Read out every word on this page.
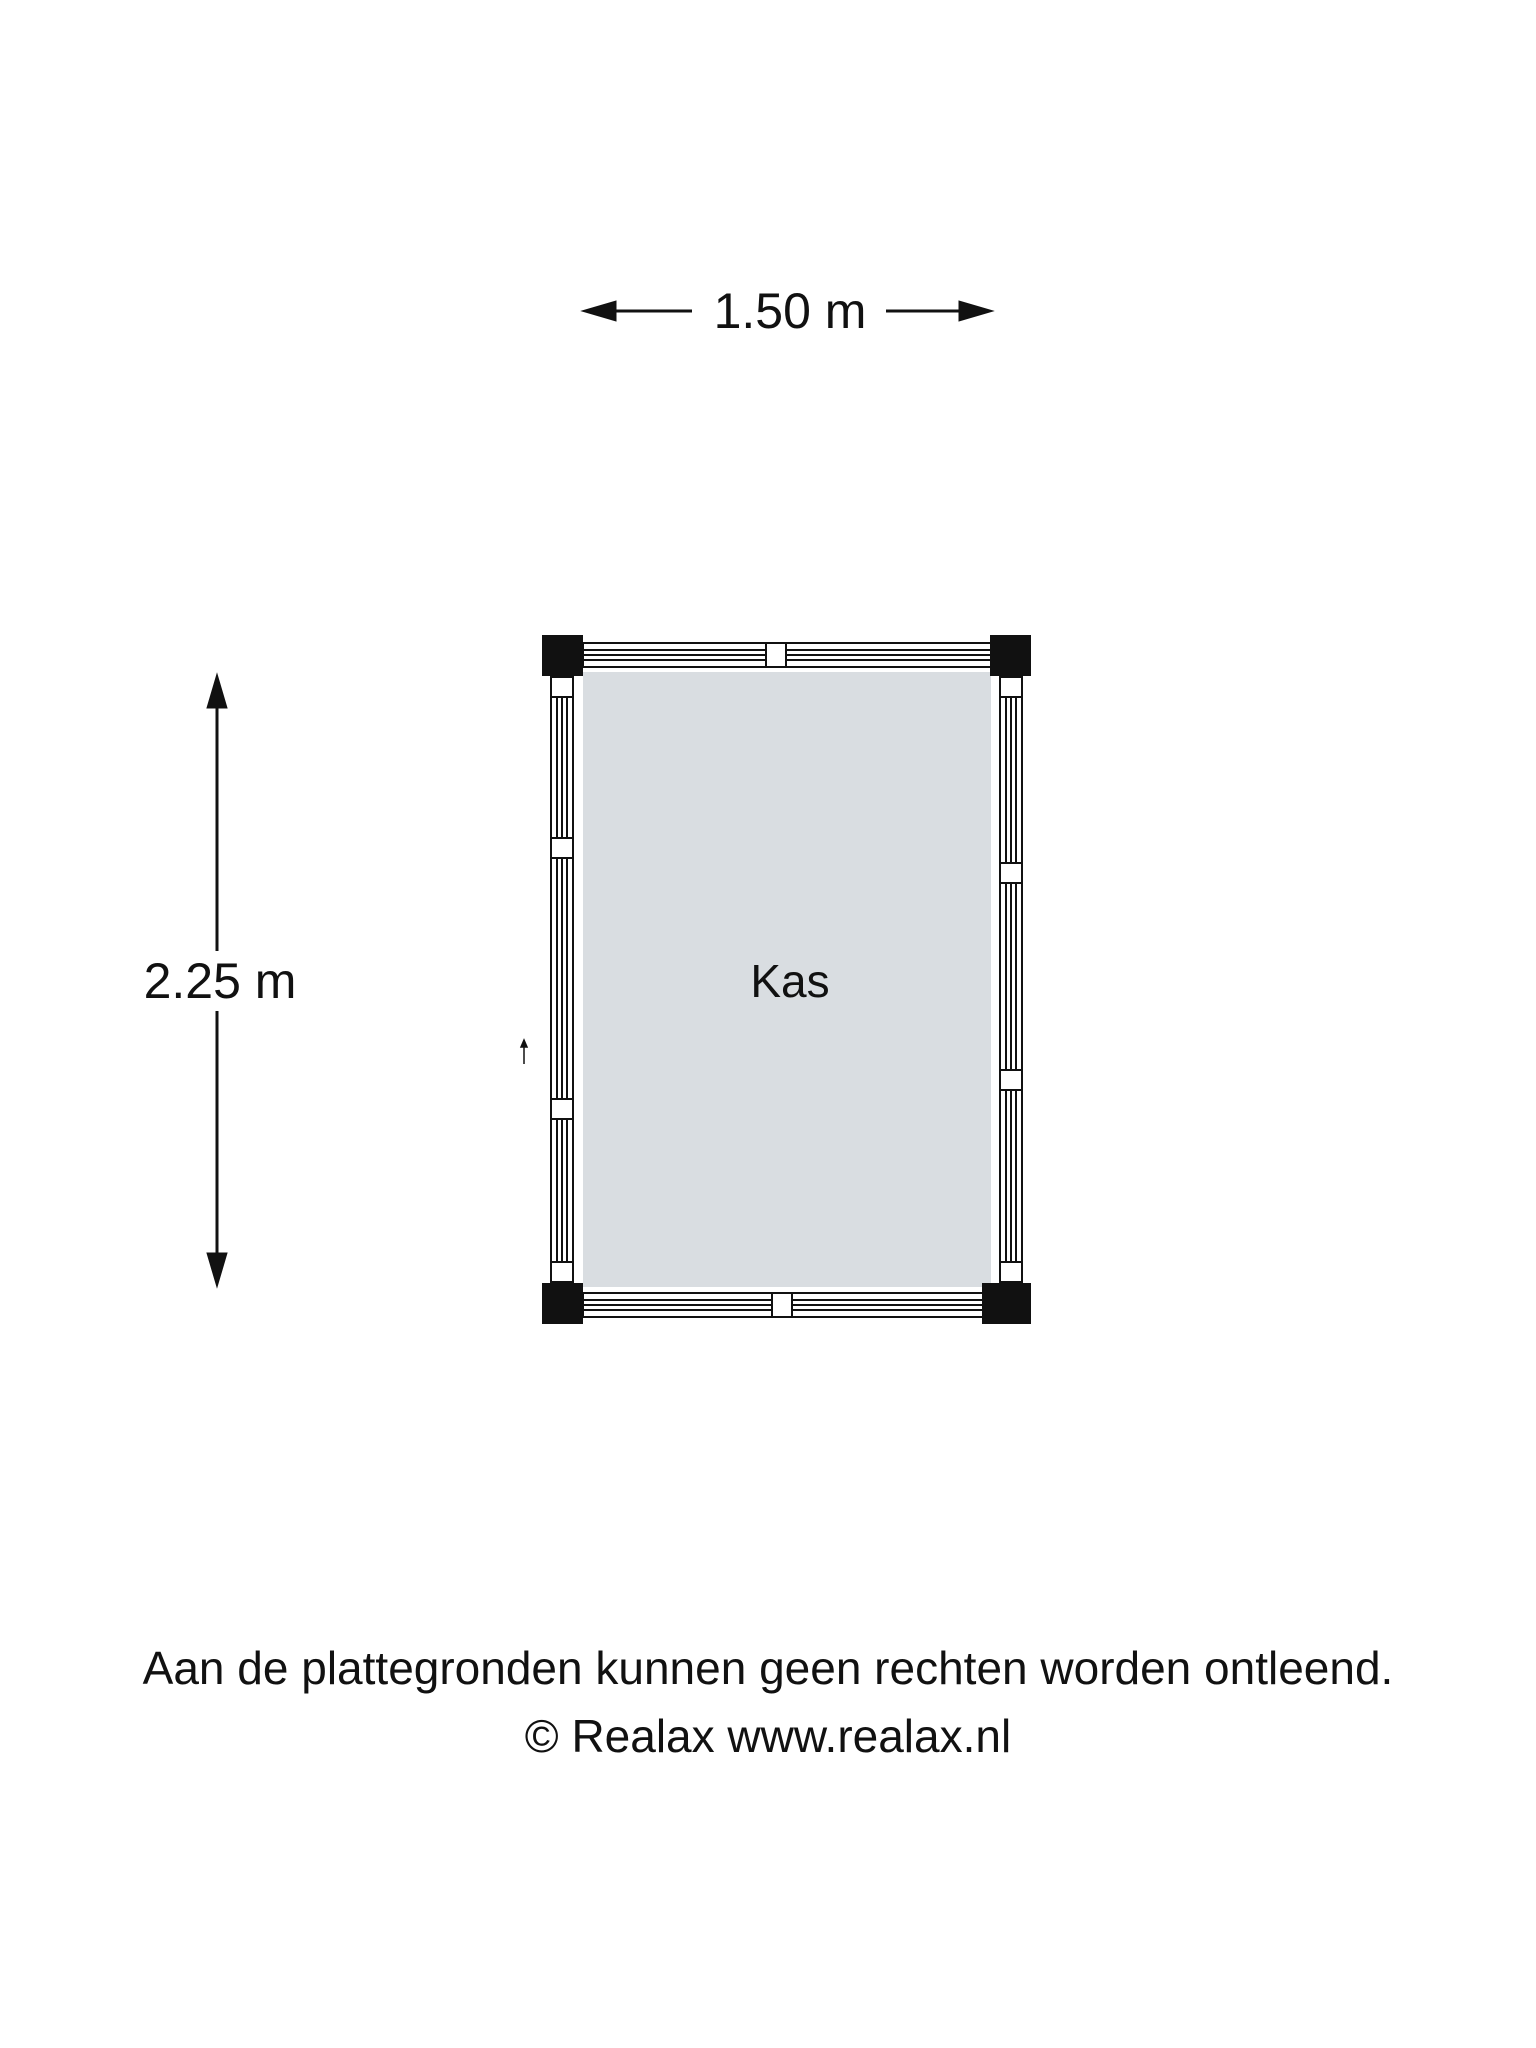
1.50 m
2.25 m	Kas
Aan de plattegronden kunnen geen rechten worden ontleend.
© Realax www.realax.nl
